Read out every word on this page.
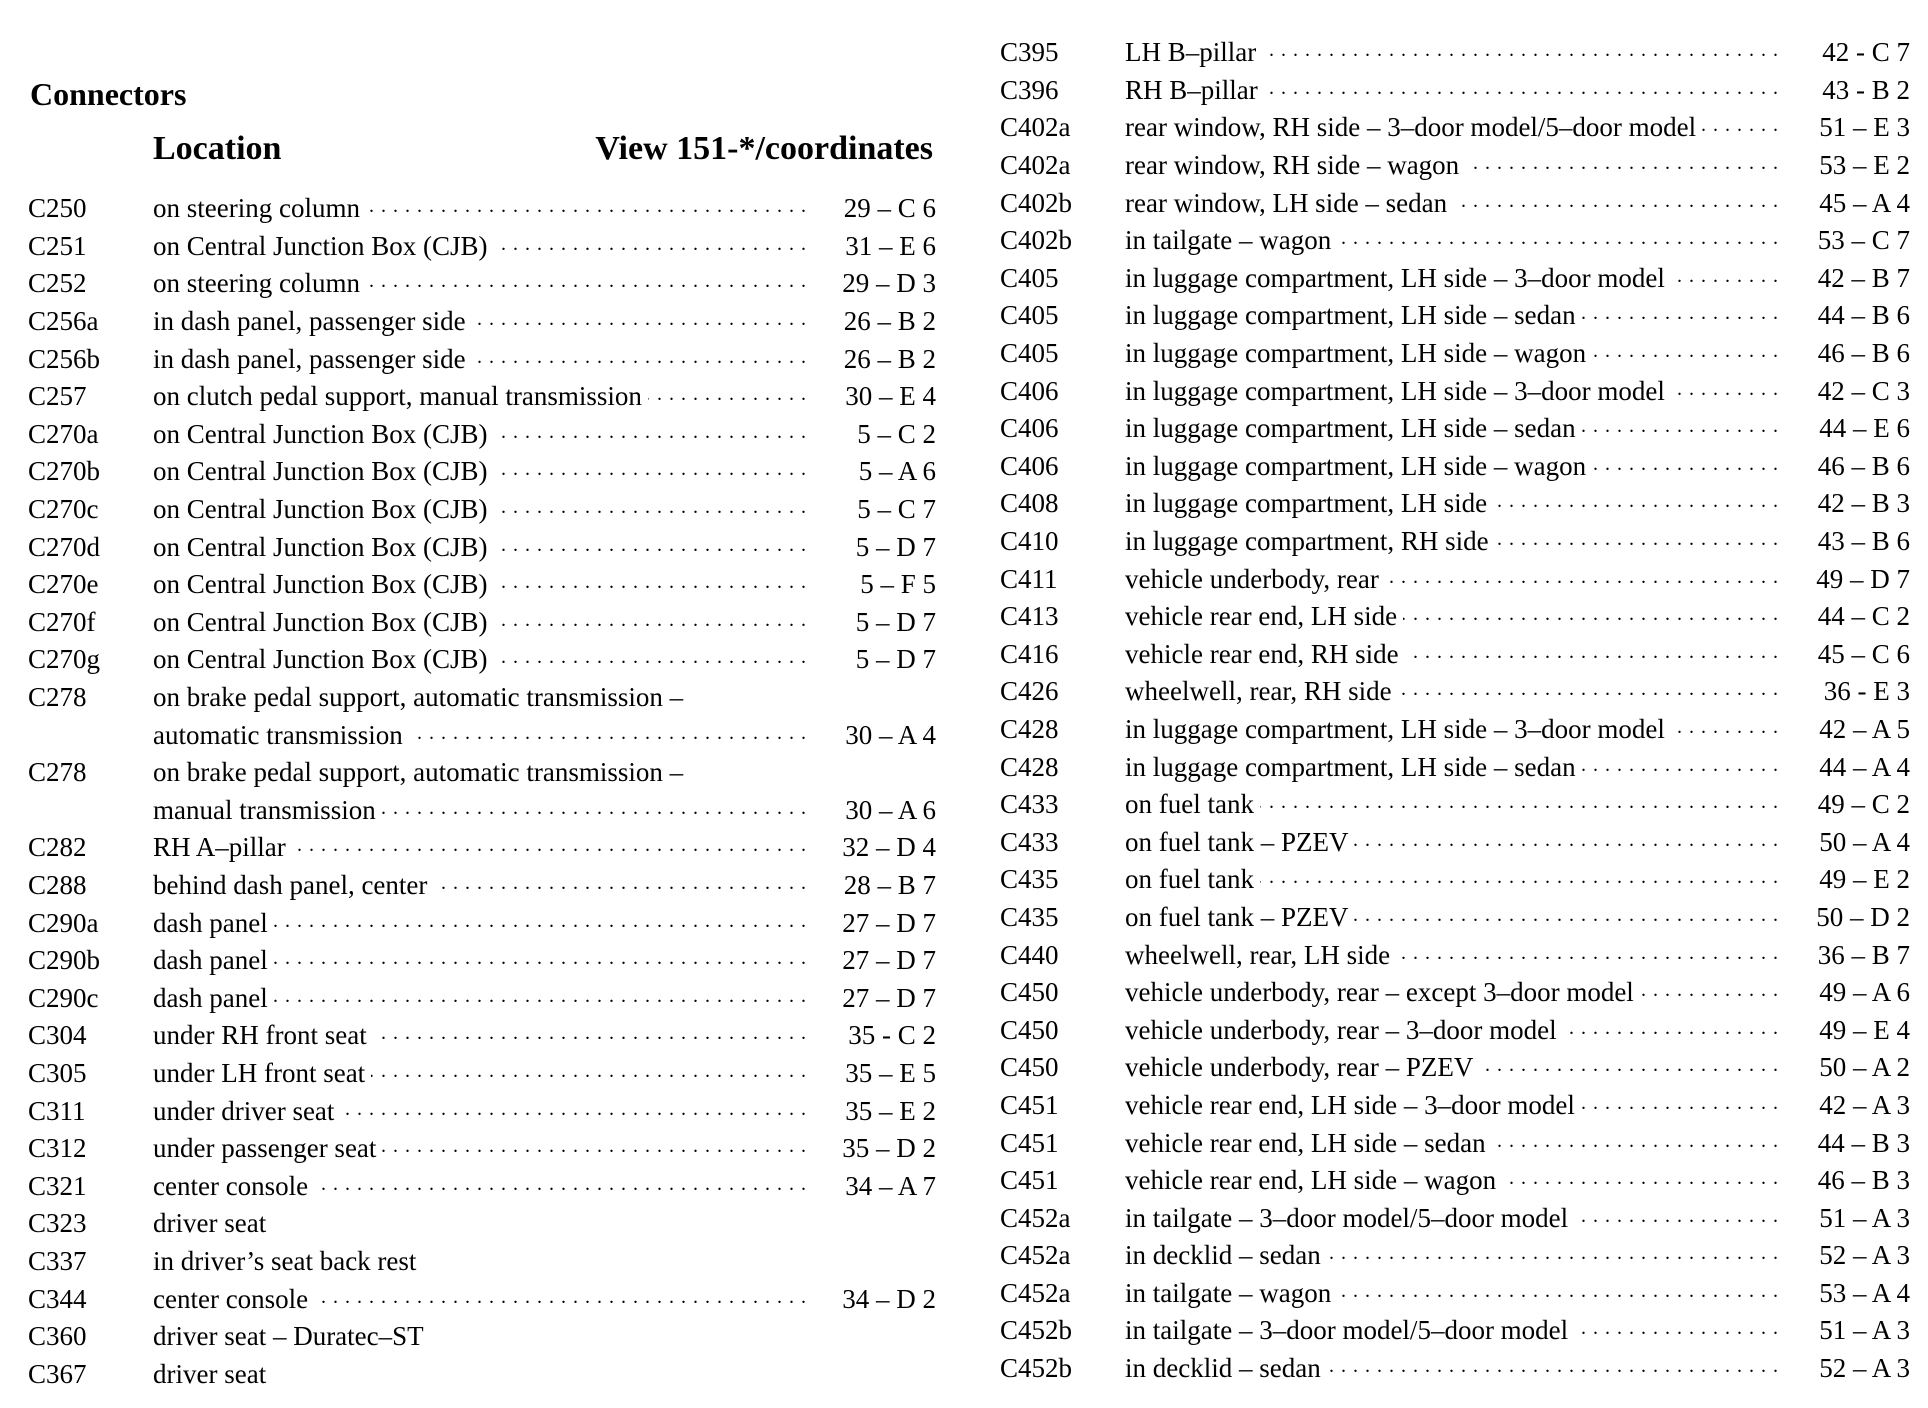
Connectors
Location	View 151-*/coordinates
C250	on steering column . . .	29 – C 6
C251	on Central Junction Box (CJB) . . .	31 – E 6
C252	on steering column . . .	29 – D 3
C256a	in dash panel, passenger side . . .	26 – B 2
C256b	in dash panel, passenger side . . .	26 – B 2
C257	on clutch pedal support, manual transmission . . .	30 – E 4
C270a	on Central Junction Box (CJB) . . .	5 – C 2
C270b	on Central Junction Box (CJB) . . .	5 – A 6
C270c	on Central Junction Box (CJB) . . .	5 – C 7
C270d	on Central Junction Box (CJB) . . .	5 – D 7
C270e	on Central Junction Box (CJB) . . .	5 – F 5
C270f	on Central Junction Box (CJB) . . .	5 – D 7
C270g	on Central Junction Box (CJB) . . .	5 – D 7
C278	on brake pedal support, automatic transmission –
automatic transmission . . .	30 – A 4
C278	on brake pedal support, automatic transmission –
manual transmission . . .	30 – A 6
C282	RH A–pillar . . .	32 – D 4
C288	behind dash panel, center . . .	28 – B 7
C290a	dash panel . . .	27 – D 7
C290b	dash panel . . .	27 – D 7
C290c	dash panel . . .	27 – D 7
C304	under RH front seat . . .	35 - C 2
C305	under LH front seat . . .	35 – E 5
C311	under driver seat . . .	35 – E 2
C312	under passenger seat . . .	35 – D 2
C321	center console . . .	34 – A 7
C323	driver seat
C337	in driver’s seat back rest
C344	center console . . .	34 – D 2
C360	driver seat – Duratec–ST
C367	driver seat
C395	LH B–pillar . . .	42 - C 7
C396	RH B–pillar . . .	43 - B 2
C402a	rear window, RH side – 3–door model/5–door model . . .	51 – E 3
C402a	rear window, RH side – wagon . . .	53 – E 2
C402b	rear window, LH side – sedan . . .	45 – A 4
C402b	in tailgate – wagon . . .	53 – C 7
C405	in luggage compartment, LH side – 3–door model . . .	42 – B 7
C405	in luggage compartment, LH side – sedan . . .	44 – B 6
C405	in luggage compartment, LH side – wagon . . .	46 – B 6
C406	in luggage compartment, LH side – 3–door model . . .	42 – C 3
C406	in luggage compartment, LH side – sedan . . .	44 – E 6
C406	in luggage compartment, LH side – wagon . . .	46 – B 6
C408	in luggage compartment, LH side . . .	42 – B 3
C410	in luggage compartment, RH side . . .	43 – B 6
C411	vehicle underbody, rear . . .	49 – D 7
C413	vehicle rear end, LH side . . .	44 – C 2
C416	vehicle rear end, RH side . . .	45 – C 6
C426	wheelwell, rear, RH side . . .	36 - E 3
C428	in luggage compartment, LH side – 3–door model . . .	42 – A 5
C428	in luggage compartment, LH side – sedan . . .	44 – A 4
C433	on fuel tank . . .	49 – C 2
C433	on fuel tank – PZEV . . .	50 – A 4
C435	on fuel tank . . .	49 – E 2
C435	on fuel tank – PZEV . . .	50 – D 2
C440	wheelwell, rear, LH side . . .	36 – B 7
C450	vehicle underbody, rear – except 3–door model . . .	49 – A 6
C450	vehicle underbody, rear – 3–door model . . .	49 – E 4
C450	vehicle underbody, rear – PZEV . . .	50 – A 2
C451	vehicle rear end, LH side – 3–door model . . .	42 – A 3
C451	vehicle rear end, LH side – sedan . . .	44 – B 3
C451	vehicle rear end, LH side – wagon . . .	46 – B 3
C452a	in tailgate – 3–door model/5–door model . . .	51 – A 3
C452a	in decklid – sedan . . .	52 – A 3
C452a	in tailgate – wagon . . .	53 – A 4
C452b	in tailgate – 3–door model/5–door model . . .	51 – A 3
C452b	in decklid – sedan . . .	52 – A 3
